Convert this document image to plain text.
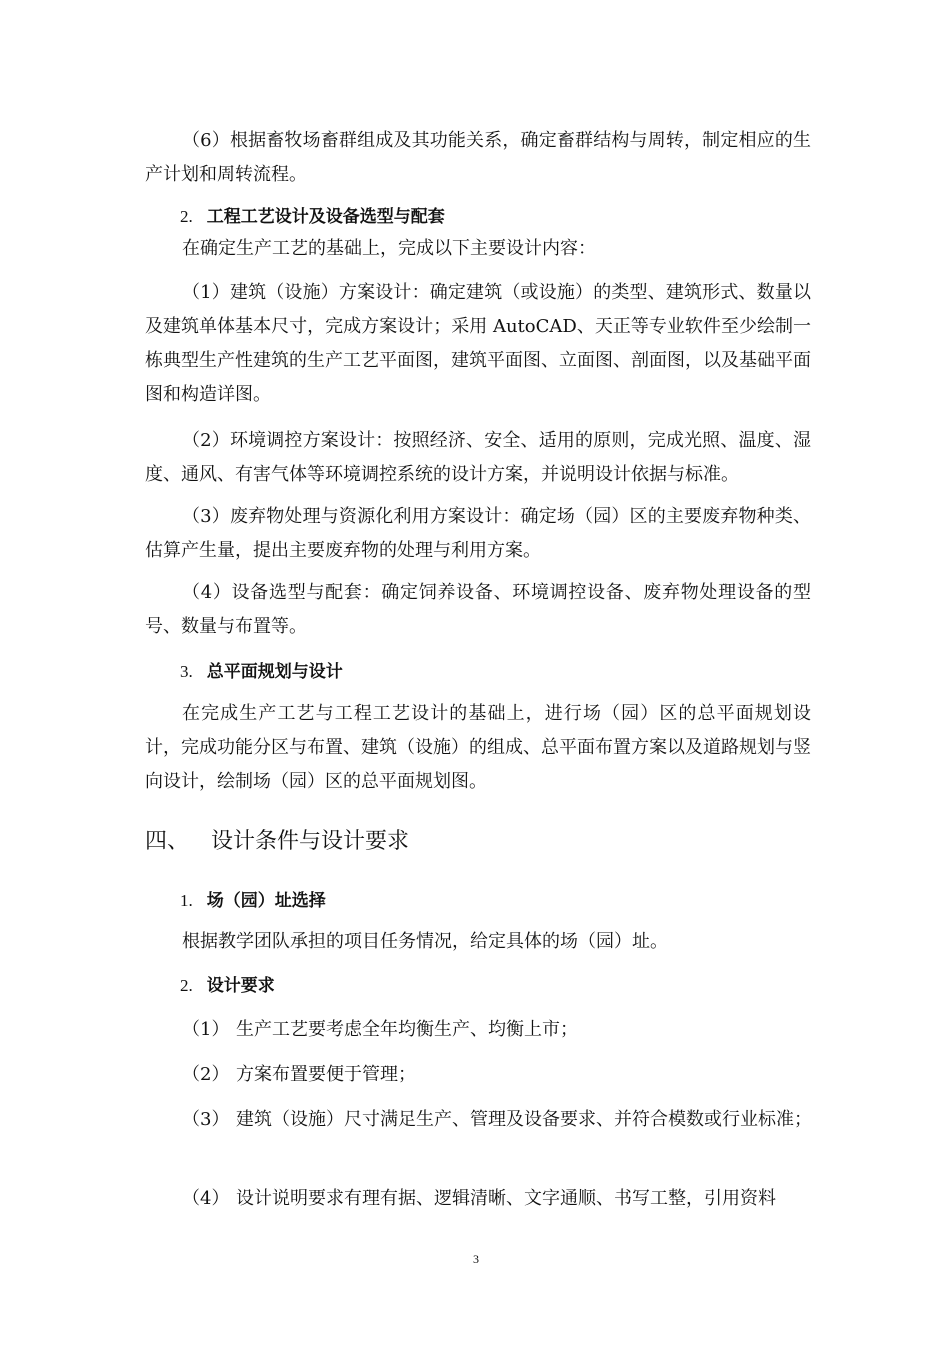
（6）根据畜牧场畜群组成及其功能关系，确定畜群结构与周转，制定相应的生产计划和周转流程。

2. 工程工艺设计及设备选型与配套

在确定生产工艺的基础上，完成以下主要设计内容：

（1）建筑（设施）方案设计：确定建筑（或设施）的类型、建筑形式、数量以及建筑单体基本尺寸，完成方案设计；采用 AutoCAD、天正等专业软件至少绘制一栋典型生产性建筑的生产工艺平面图，建筑平面图、立面图、剖面图，以及基础平面图和构造详图。

（2）环境调控方案设计：按照经济、安全、适用的原则，完成光照、温度、湿度、通风、有害气体等环境调控系统的设计方案，并说明设计依据与标准。

（3）废弃物处理与资源化利用方案设计：确定场（园）区的主要废弃物种类、估算产生量，提出主要废弃物的处理与利用方案。

（4）设备选型与配套：确定饲养设备、环境调控设备、废弃物处理设备的型号、数量与布置等。

3. 总平面规划与设计

在完成生产工艺与工程工艺设计的基础上，进行场（园）区的总平面规划设计，完成功能分区与布置、建筑（设施）的组成、总平面布置方案以及道路规划与竖向设计，绘制场（园）区的总平面规划图。

四、 设计条件与设计要求
1. 场（园）址选择
根据教学团队承担的项目任务情况，给定具体的场（园）址。
2. 设计要求
（1） 生产工艺要考虑全年均衡生产、均衡上市；
（2） 方案布置要便于管理；
（3） 建筑（设施）尺寸满足生产、管理及设备要求、并符合模数或行业标准；
（4） 设计说明要求有理有据、逻辑清晰、文字通顺、书写工整，引用资料
3
